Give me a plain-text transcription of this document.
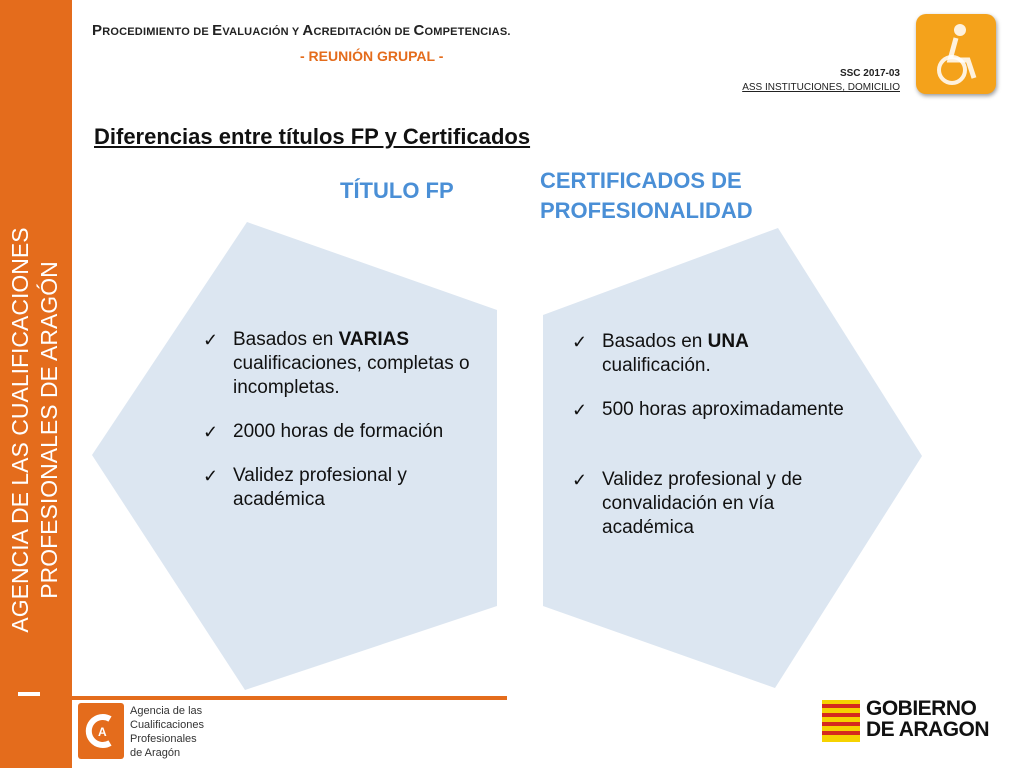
AGENCIA DE LAS CUALIFICACIONES PROFESIONALES DE ARAGÓN
PROCEDIMIENTO DE EVALUACIÓN Y ACREDITACIÓN DE COMPETENCIAS.
- REUNIÓN GRUPAL -
SSC 2017-03
ASS INSTITUCIONES, DOMICILIO
Diferencias entre títulos FP y Certificados
TÍTULO FP	CERTIFICADOS DE
PROFESIONALIDAD
✓ Basados en VARIAS cualificaciones, completas o incompletas.
✓ 2000 horas de formación
✓ Validez profesional y académica
✓ Basados en UNA cualificación.
✓ 500 horas aproximadamente
✓ Validez profesional y de convalidación en vía académica
A
Agencia de las
Cualificaciones
Profesionales
de Aragón
GOBIERNO
DE ARAGON
